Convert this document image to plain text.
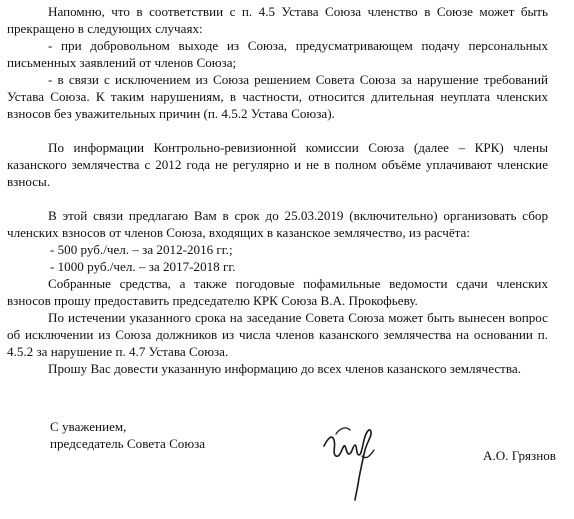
Напомню, что в соответствии с п. 4.5 Устава Союза членство в Союзе может быть прекращено в следующих случаях:

- при добровольном выходе из Союза, предусматривающем подачу персональных письменных заявлений от членов Союза;

- в связи с исключением из Союза решением Совета Союза за нарушение требований Устава Союза. К таким нарушениям, в частности, относится длительная неуплата членских взносов без уважительных причин (п. 4.5.2 Устава Союза).

По информации Контрольно-ревизионной комиссии Союза (далее – КРК) члены казанского землячества с 2012 года не регулярно и не в полном объёме уплачивают членские взносы.

В этой связи предлагаю Вам в срок до 25.03.2019 (включительно) организовать сбор членских взносов от членов Союза, входящих в казанское землячество, из расчёта:

- 500 руб./чел. – за 2012-2016 гг.;

- 1000 руб./чел. – за 2017-2018 гг.

Собранные средства, а также погодовые пофамильные ведомости сдачи членских взносов прошу предоставить председателю КРК Союза В.А. Прокофьеву.

По истечении указанного срока на заседание Совета Союза может быть вынесен вопрос об исключении из Союза должников из числа членов казанского землячества на основании п. 4.5.2 за нарушение п. 4.7 Устава Союза.

Прошу Вас довести указанную информацию до всех членов казанского землячества.

С уважением,
председатель Совета Союза
А.О. Грязнов
